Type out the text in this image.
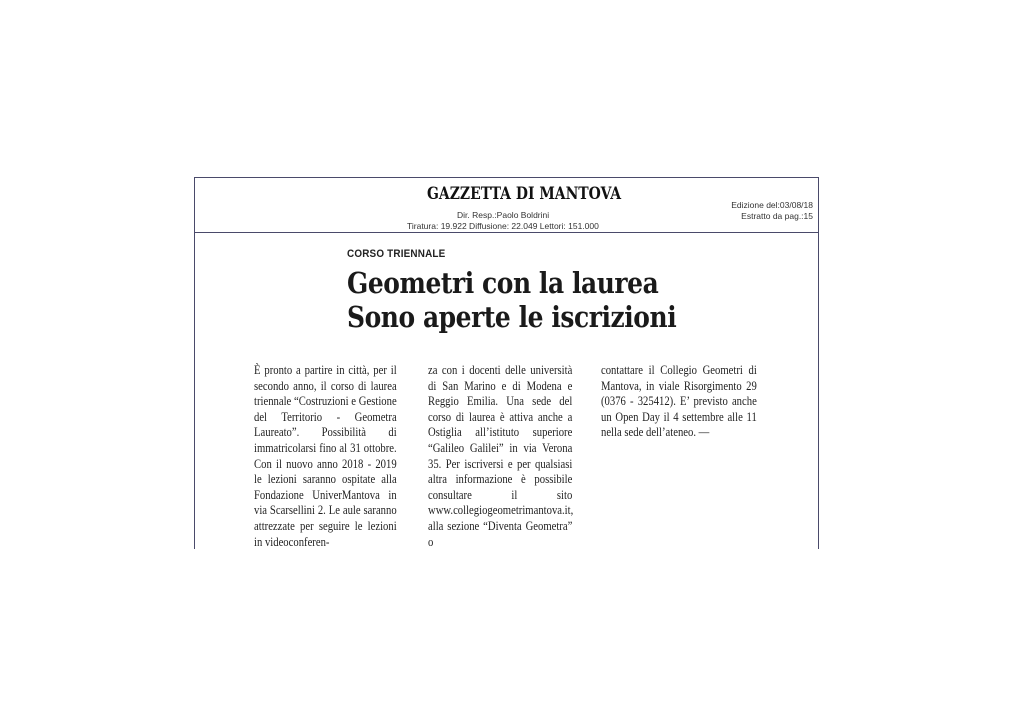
GAZZETTA DI MANTOVA
Dir. Resp.:Paolo Boldrini
Tiratura: 19.922 Diffusione: 22.049 Lettori: 151.000
Edizione del:03/08/18
Estratto da pag.:15
CORSO TRIENNALE
Geometri con la laurea
Sono aperte le iscrizioni

È pronto a partire in città, per il secondo anno, il corso di laurea triennale “Costruzioni e Gestione del Territorio - Geometra Laureato”. Possibilità di immatricolarsi fino al 31 ottobre. Con il nuovo anno 2018 - 2019 le lezioni saranno ospitate alla Fondazione UniverMantova in via Scarsellini 2. Le aule saranno attrezzate per seguire le lezioni in videoconferen-

za con i docenti delle università di San Marino e di Modena e Reggio Emilia. Una sede del corso di laurea è attiva anche a Ostiglia all’istituto superiore “Galileo Galilei” in via Verona 35. Per iscriversi e per qualsiasi altra informazione è possibile consultare il sito www.collegiogeometrimantova.it, alla sezione “Diventa Geometra” o

contattare il Collegio Geometri di Mantova, in viale Risorgimento 29 (0376 - 325412). E’ previsto anche un Open Day il 4 settembre alle 11 nella sede dell’ateneo. —
